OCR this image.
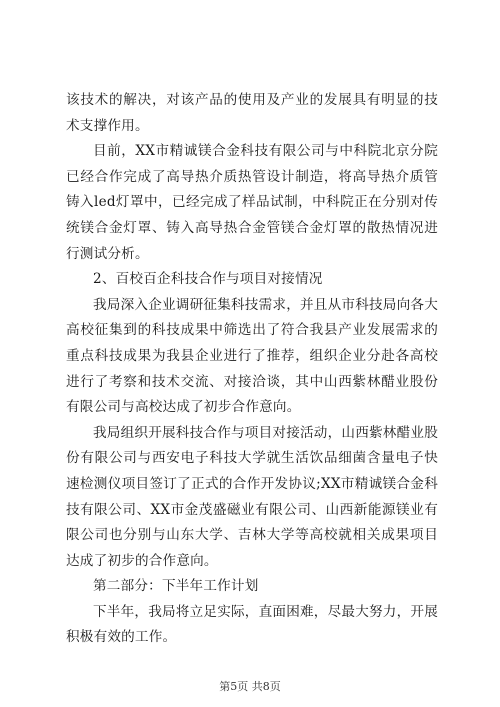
该技术的解决，对该产品的使用及产业的发展具有明显的技术支撑作用。

目前，XX市精诚镁合金科技有限公司与中科院北京分院已经合作完成了高导热介质热管设计制造，将高导热介质管铸入led灯罩中，已经完成了样品试制，中科院正在分别对传统镁合金灯罩、铸入高导热合金管镁合金灯罩的散热情况进行测试分析。

2、百校百企科技合作与项目对接情况

我局深入企业调研征集科技需求，并且从市科技局向各大高校征集到的科技成果中筛选出了符合我县产业发展需求的重点科技成果为我县企业进行了推荐，组织企业分赴各高校进行了考察和技术交流、对接洽谈，其中山西紫林醋业股份有限公司与高校达成了初步合作意向。

我局组织开展科技合作与项目对接活动，山西紫林醋业股份有限公司与西安电子科技大学就生活饮品细菌含量电子快速检测仪项目签订了正式的合作开发协议;XX市精诚镁合金科技有限公司、XX市金茂盛磁业有限公司、山西新能源镁业有限公司也分别与山东大学、吉林大学等高校就相关成果项目达成了初步的合作意向。

第二部分：下半年工作计划

下半年，我局将立足实际，直面困难，尽最大努力，开展积极有效的工作。

第5页 共8页
